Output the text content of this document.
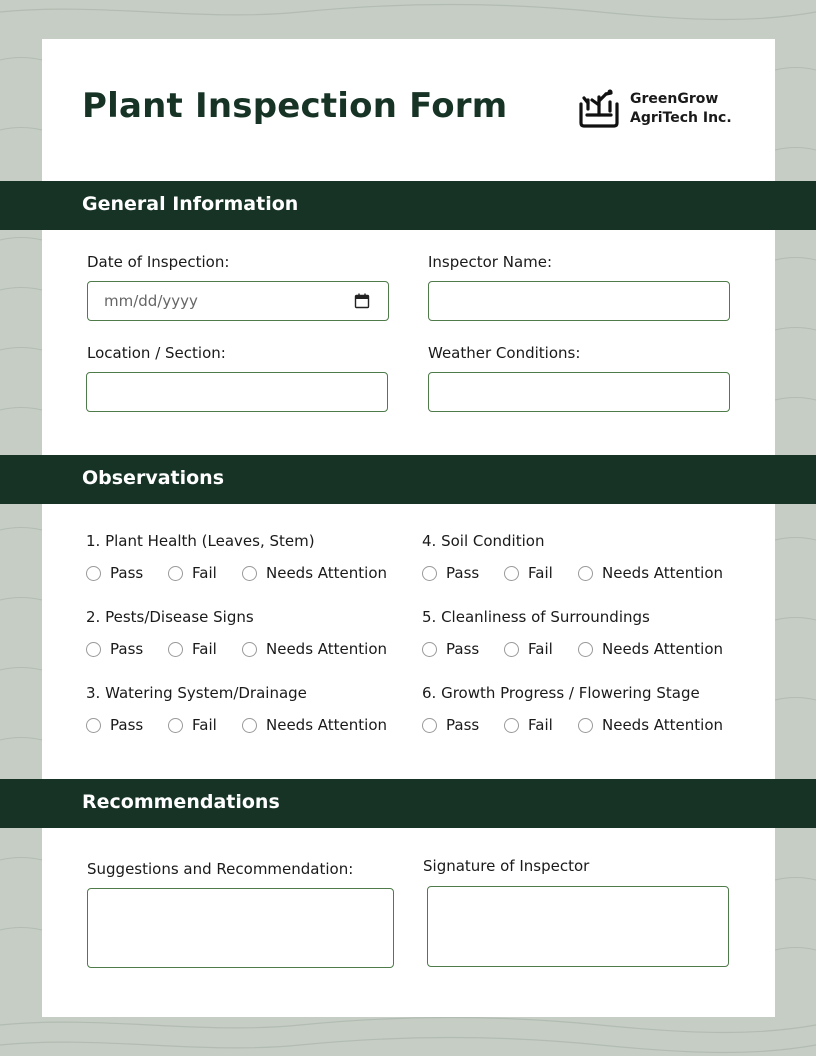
Plant Inspection Form	GreenGrow
AgriTech Inc.
General Information
Date of Inspection:
mm/dd/yyyy
Inspector Name:
Location / Section:	Weather Conditions:
Observations
1. Plant Health (Leaves, Stem)
Pass	Fail	Needs Attention
2. Pests/Disease Signs
Pass	Fail	Needs Attention
3. Watering System/Drainage
Pass	Fail	Needs Attention
4. Soil Condition
Pass	Fail	Needs Attention
5. Cleanliness of Surroundings
Pass	Fail	Needs Attention
6. Growth Progress / Flowering Stage
Pass	Fail	Needs Attention
Recommendations
Suggestions and Recommendation:	Signature of Inspector
